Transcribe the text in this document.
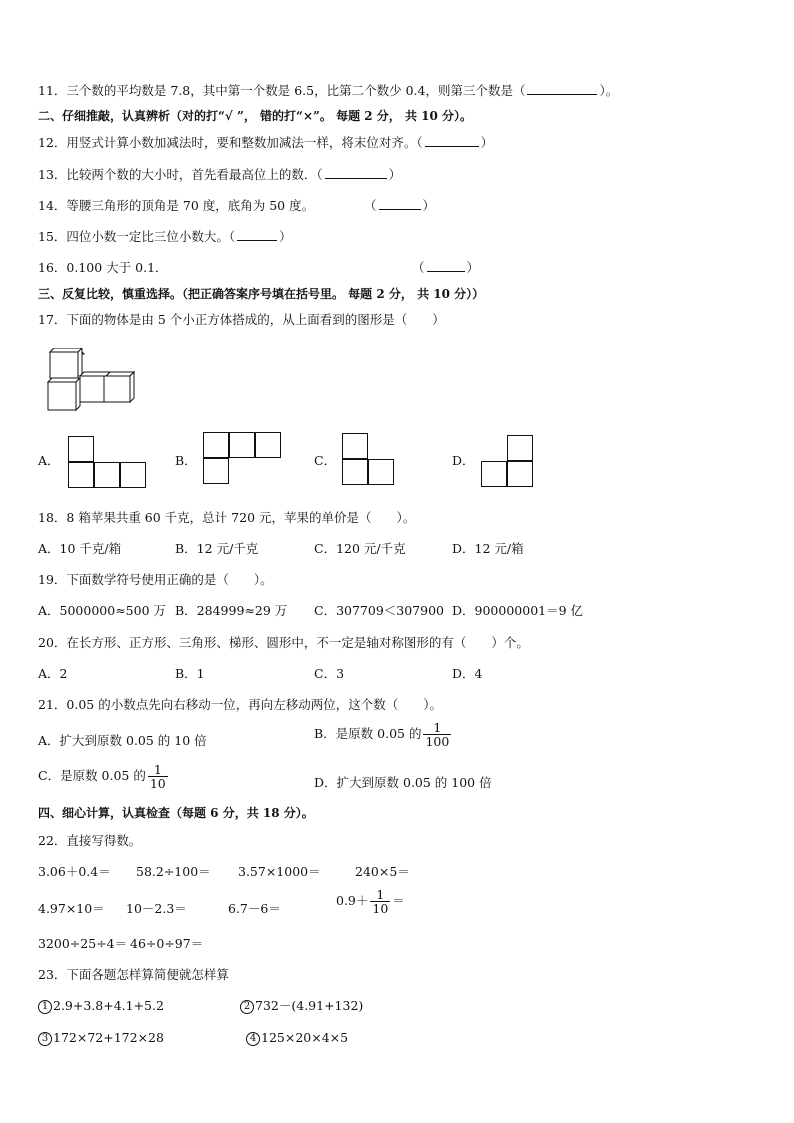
11．三个数的平均数是 7.8，其中第一个数是 6.5，比第二个数少 0.4，则第三个数是（	）。
二、仔细推敲，认真辨析（对的打“√ ”， 错的打“×”。 每题 2 分， 共 10 分）。
12．用竖式计算小数加减法时，要和整数加减法一样，将末位对齐。（	）
13．比较两个数的大小时，首先看最高位上的数．（	）
14．等腰三角形的顶角是 70 度，底角为 50 度。	（	）
15．四位小数一定比三位小数大。（	）
16．0.100 大于 0.1．	（	）
三、反复比较，慎重选择。（把正确答案序号填在括号里。 每题 2 分， 共 10 分））
17．下面的物体是由 5 个小正方体搭成的，从上面看到的图形是（　　）
A．	B．	C．	D．
18．8 箱苹果共重 60 千克，总计 720 元，苹果的单价是（　　）。
A．10 千克/箱	B．12 元/千克	C．120 元/千克	D．12 元/箱
19．下面数学符号使用正确的是（　　）。
A．5000000≈500 万 B．284999≈29 万 C．307709＜307900 D．900000001＝9 亿
20．在长方形、正方形、三角形、梯形、圆形中，不一定是轴对称图形的有（　　）个。
A．2	B．1	C．3	D．4
21．0.05 的小数点先向右移动一位，再向左移动两位，这个数（　　）。
A．扩大到原数 0.05 的 10 倍	B．是原数 0.05 的 $\frac{1}{100}$
C．是原数 0.05 的 $\frac{1}{10}$	D．扩大到原数 0.05 的 100 倍
四、细心计算，认真检查（每题 6 分，共 18 分）。
22．直接写得数。
3.06＋0.4＝ 58.2÷100＝ 3.57×1000＝	240×5＝
4.97×10＝ 10－2.3＝	6.7－6＝
$0.9+ \frac{1}{10}$ ＝
3200÷25÷4＝ 46÷0÷97＝
23．下面各题怎样算简便就怎样算
1 2.9+3.8+4.1+5.2	2 732－(4.91+132)
3 172×72+172×28	4 125×20×4×5
